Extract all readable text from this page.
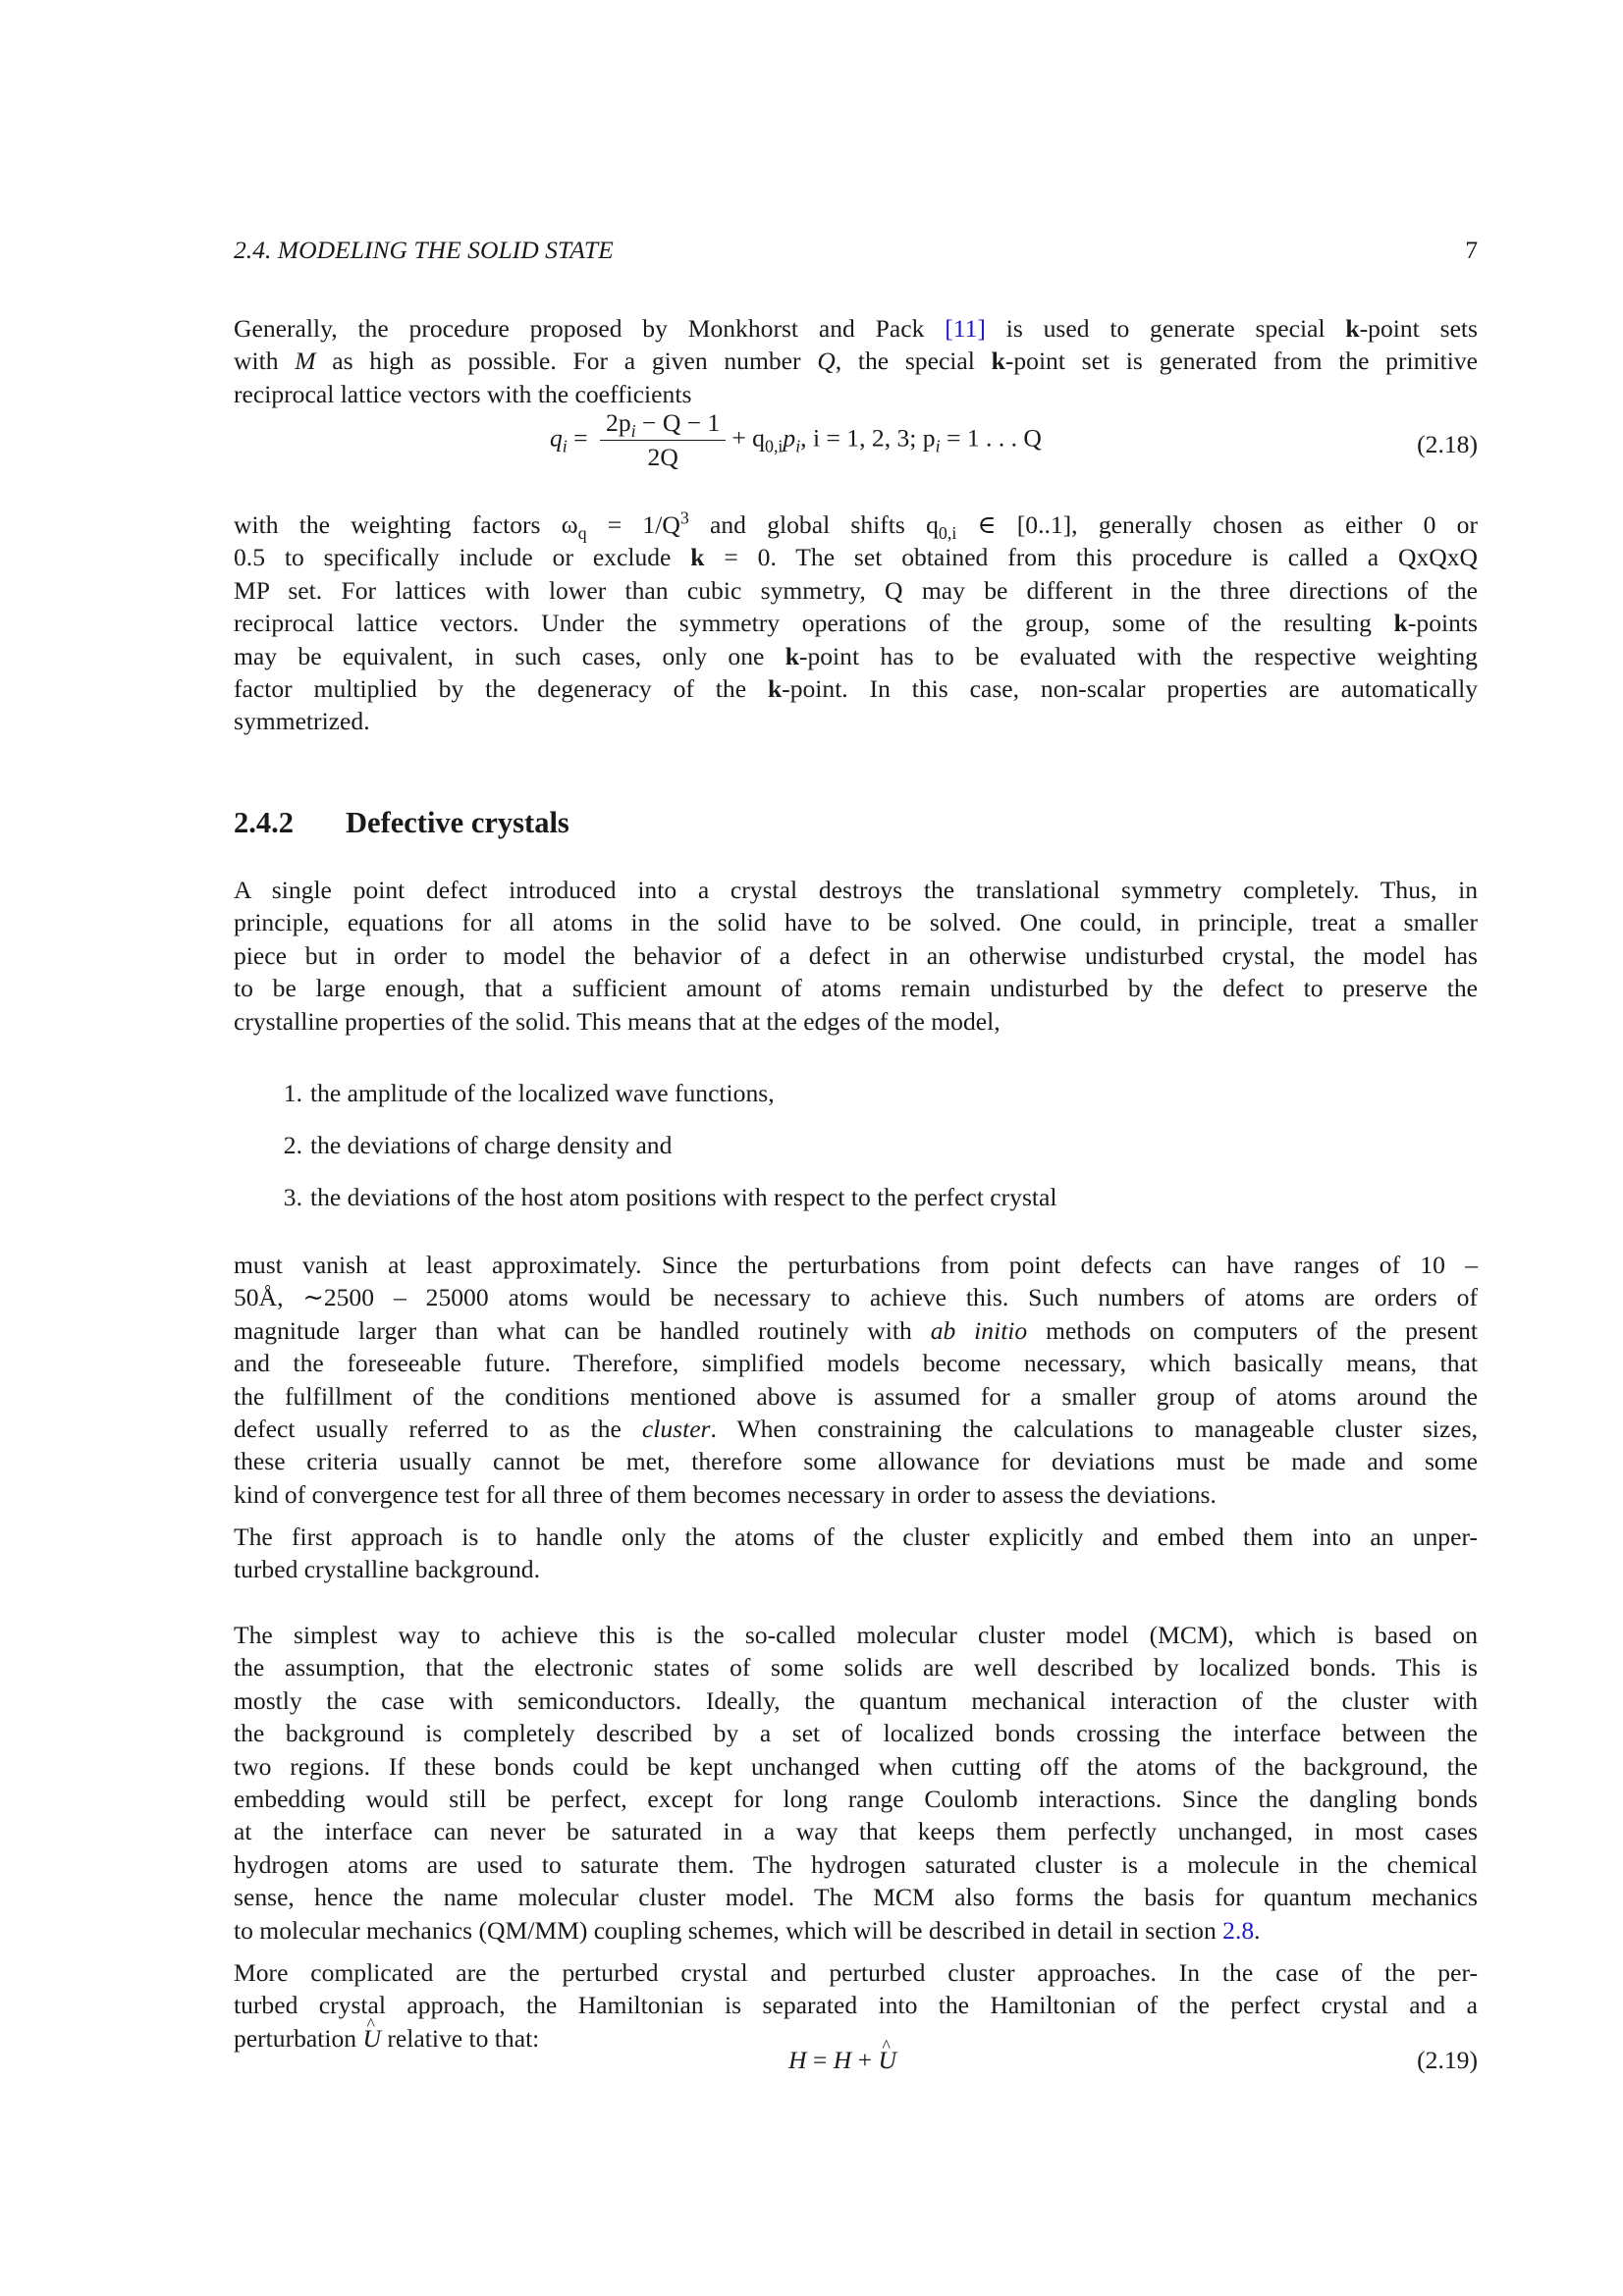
2.4. MODELING THE SOLID STATE	7
Generally, the procedure proposed by Monkhorst and Pack [11] is used to generate special k-point sets
with M as high as possible. For a given number Q, the special k-point set is generated from the primitive
reciprocal lattice vectors with the coefficients
$q_i = \frac{2p_i - Q - 1}{2Q} + q_{0,i}p_i$, i = 1, 2, 3; $p_i = 1$ . . . Q	(2.18)
with the weighting factors $\omega_q = 1/Q^3$ and global shifts $q_{0,i}$ ∈ [0..1], generally chosen as either 0 or
0.5 to specifically include or exclude k = 0. The set obtained from this procedure is called a QxQxQ
MP set. For lattices with lower than cubic symmetry, Q may be different in the three directions of the
reciprocal lattice vectors. Under the symmetry operations of the group, some of the resulting k-points
may be equivalent, in such cases, only one k-point has to be evaluated with the respective weighting
factor multiplied by the degeneracy of the k-point. In this case, non-scalar properties are automatically
symmetrized.
2.4.2 Defective crystals
A single point defect introduced into a crystal destroys the translational symmetry completely. Thus, in
principle, equations for all atoms in the solid have to be solved. One could, in principle, treat a smaller
piece but in order to model the behavior of a defect in an otherwise undisturbed crystal, the model has
to be large enough, that a sufficient amount of atoms remain undisturbed by the defect to preserve the
crystalline properties of the solid. This means that at the edges of the model,
1. the amplitude of the localized wave functions,
2. the deviations of charge density and
3. the deviations of the host atom positions with respect to the perfect crystal
must vanish at least approximately. Since the perturbations from point defects can have ranges of 10 –
50Å, ∼2500 – 25000 atoms would be necessary to achieve this. Such numbers of atoms are orders of
magnitude larger than what can be handled routinely with ab initio methods on computers of the present
and the foreseeable future. Therefore, simplified models become necessary, which basically means, that
the fulfillment of the conditions mentioned above is assumed for a smaller group of atoms around the
defect usually referred to as the cluster. When constraining the calculations to manageable cluster sizes,
these criteria usually cannot be met, therefore some allowance for deviations must be made and some
kind of convergence test for all three of them becomes necessary in order to assess the deviations.
The first approach is to handle only the atoms of the cluster explicitly and embed them into an unper-
turbed crystalline background.
The simplest way to achieve this is the so-called molecular cluster model (MCM), which is based on
the assumption, that the electronic states of some solids are well described by localized bonds. This is
mostly the case with semiconductors. Ideally, the quantum mechanical interaction of the cluster with
the background is completely described by a set of localized bonds crossing the interface between the
two regions. If these bonds could be kept unchanged when cutting off the atoms of the background, the
embedding would still be perfect, except for long range Coulomb interactions. Since the dangling bonds
at the interface can never be saturated in a way that keeps them perfectly unchanged, in most cases
hydrogen atoms are used to saturate them. The hydrogen saturated cluster is a molecule in the chemical
sense, hence the name molecular cluster model. The MCM also forms the basis for quantum mechanics
to molecular mechanics (QM/MM) coupling schemes, which will be described in detail in section 2.8.
More complicated are the perturbed crystal and perturbed cluster approaches. In the case of the per-
turbed crystal approach, the Hamiltonian is separated into the Hamiltonian of the perfect crystal and a
perturbation ^ U relative to that:
H = H + ^ U	(2.19)
